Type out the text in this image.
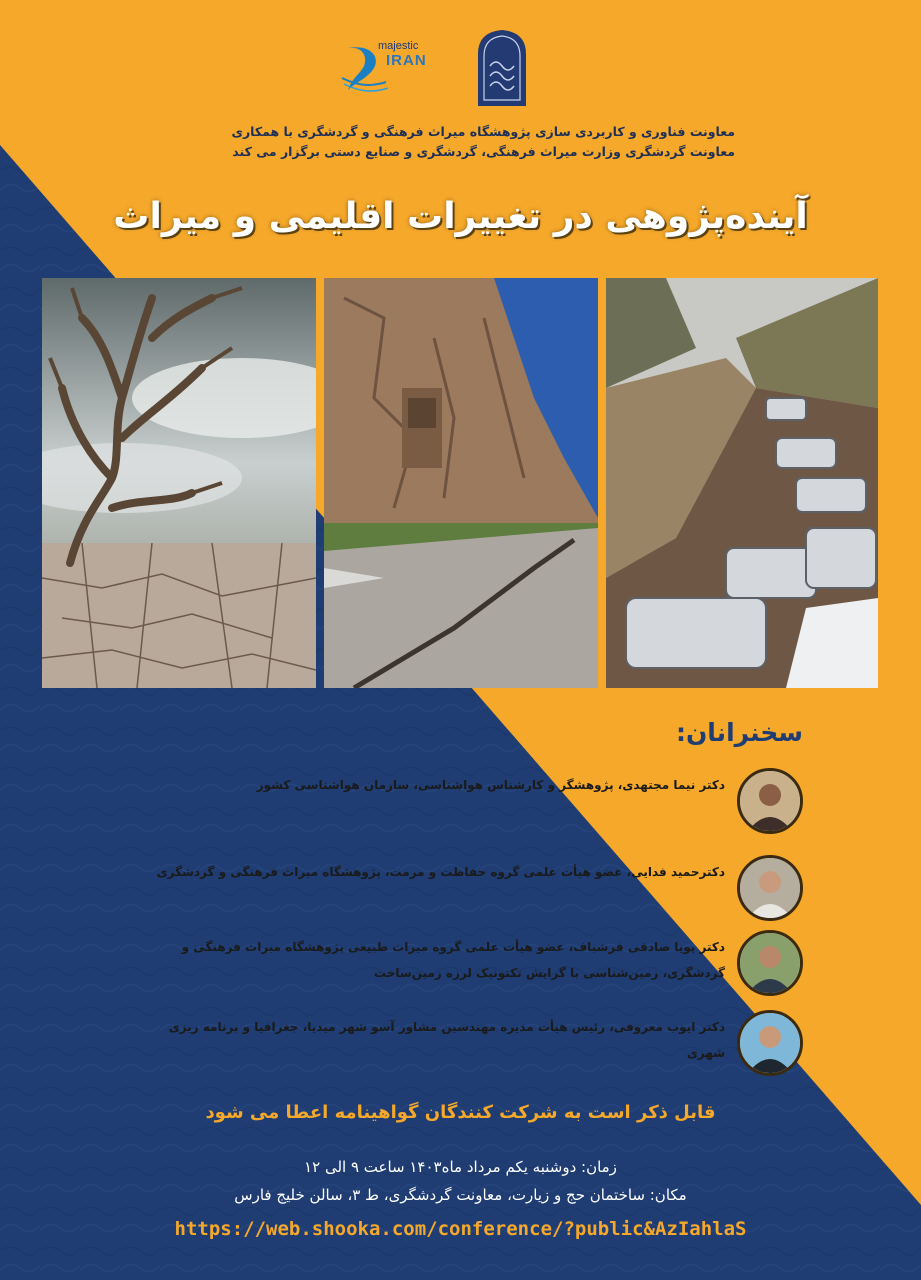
majestic
IRAN
معاونت فناوری و کاربردی سازی پژوهشگاه میراث فرهنگی و گردشگری با همکاری
معاونت گردشگری وزارت میراث فرهنگی، گردشگری و صنایع دستی برگزار می کند
آینده‌پژوهی در تغییرات اقلیمی و میراث
سخنرانان:
دکتر نیما مجتهدی، پژوهشگر و کارشناس هواشناسی، سازمان هواشناسی کشور
دکترحمید فدایی، عضو هیأت علمی گروه حفاظت و مرمت، پژوهشگاه میراث فرهنگی و گردشگری
دکتر پویا صادقی فرشباف، عضو هیأت علمی گروه میراث طبیعی پژوهشگاه میراث فرهنگی و گردشگری، زمین‌شناسی با گرایش تکتونیک لرزه زمین‌ساخت
دکتر ایوب معروفی، رئیس هیأت مدیره مهندسین مشاور آسو شهر میدیا، جغرافیا و برنامه ریزی شهری
قابل ذکر است به شرکت کنندگان گواهینامه اعطا می شود
زمان: دوشنبه یکم مرداد ماه۱۴۰۳ ساعت ۹ الی ۱۲
مکان: ساختمان حج و زیارت، معاونت گردشگری، ط ۳، سالن خلیج فارس
https://web.shooka.com/conference/?public&AzIahlaS
